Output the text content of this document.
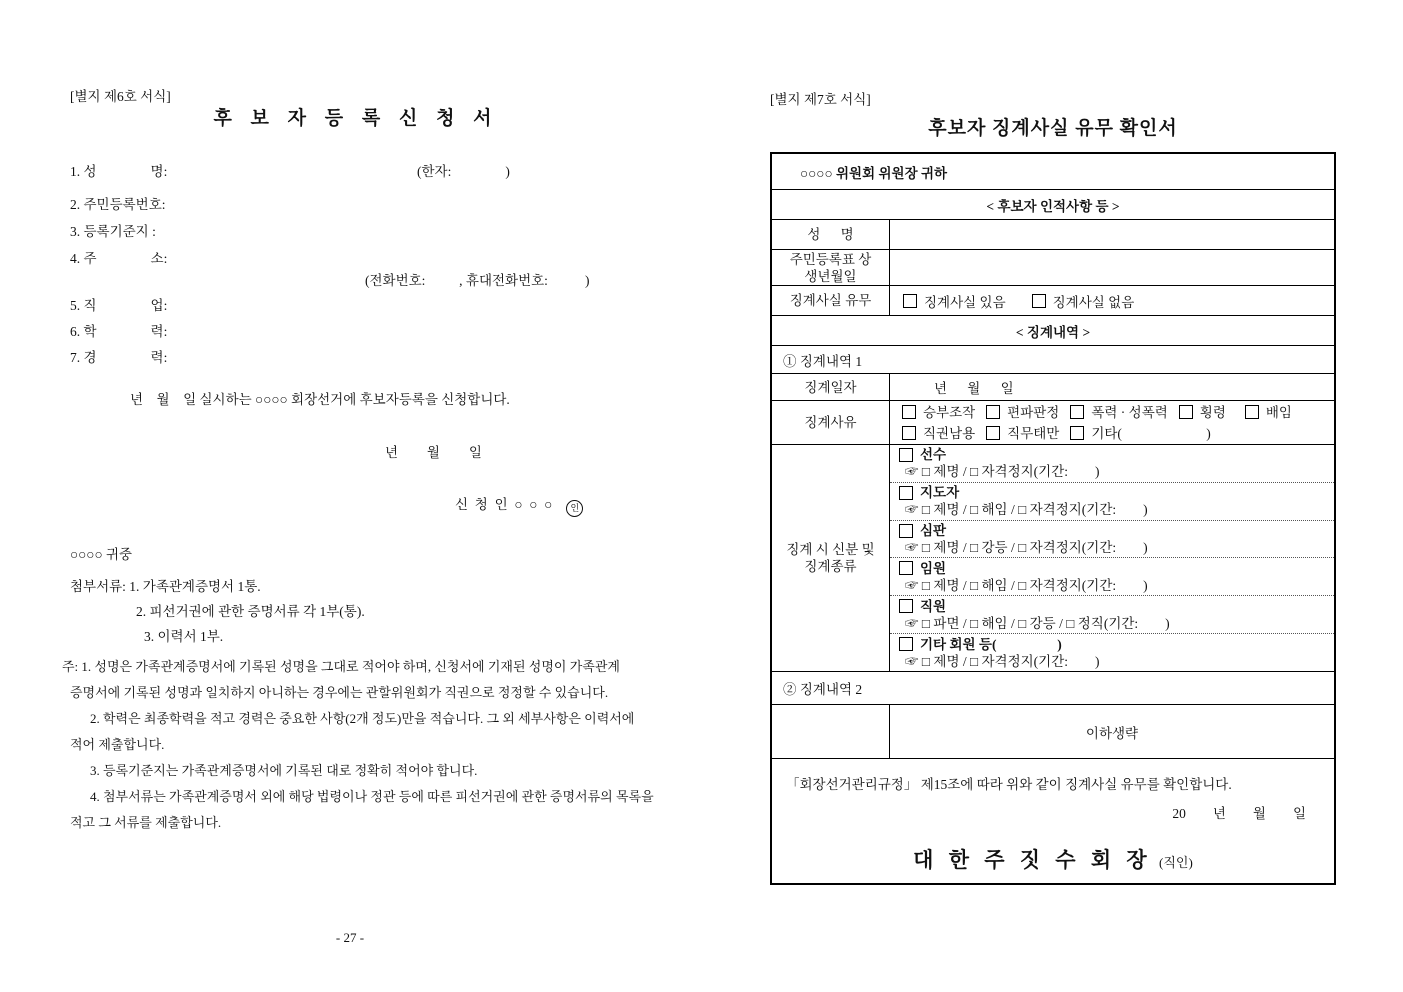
[별지 제6호 서식]
후 보 자 등 록 신 청 서
1. 성　　　　명:	(한자:                )
2. 주민등록번호:
3. 등록기준지 :
4. 주　　　　소:
(전화번호:          , 휴대전화번호:           )
5. 직　　　　업:
6. 학　　　　력:
7. 경　　　　력:
년    월    일 실시하는 ○○○○ 회장선거에 후보자등록을 신청합니다.
년     월     일
신  청  인  ○  ○  ○ 인
○○○○ 귀중
첨부서류: 1. 가족관계증명서 1통.
2. 피선거권에 관한 증명서류 각 1부(통).
3. 이력서 1부.
주: 1. 성명은 가족관계증명서에 기록된 성명을 그대로 적어야 하며, 신청서에 기재된 성명이 가족관계
증명서에 기록된 성명과 일치하지 아니하는 경우에는 관할위원회가 직권으로 정정할 수 있습니다.
2. 학력은 최종학력을 적고 경력은 중요한 사항(2개 정도)만을 적습니다. 그 외 세부사항은 이력서에
적어 제출합니다.
3. 등록기준지는 가족관계증명서에 기록된 대로 정확히 적어야 합니다.
4. 첨부서류는 가족관계증명서 외에 해당 법령이나 정관 등에 따른 피선거권에 관한 증명서류의 목록을
적고 그 서류를 제출합니다.
[별지 제7호 서식]
후보자 징계사실 유무 확인서
○○○○ 위원회 위원장 귀하
< 후보자 인적사항 등 >
성      명
주민등록표 상
생년월일
징계사실 유무	징계사실 있음	징계사실 없음
< 징계내역 >
① 징계내역 1
징계일자	년      월      일
징계사유
승부조작 편파판정 폭력 · 성폭력 횡령	배임
직권남용 직무태만 기타(                         )
징계 시 신분 및
징계종류
선수
☞ □ 제명 / □ 자격정지(기간:        )
지도자
☞ □ 제명 / □ 해임 / □ 자격정지(기간:        )
심판
☞ □ 제명 / □ 강등 / □ 자격정지(기간:        )
임원
☞ □ 제명 / □ 해임 / □ 자격정지(기간:        )
직원
☞ □ 파면 / □ 해임 / □ 강등 / □ 정직(기간:        )
기타 회원 등(                  )
☞ □ 제명 / □ 자격정지(기간:        )
② 징계내역 2
이하생략
「회장선거관리규정」 제15조에 따라 위와 같이 징계사실 유무를 확인합니다.
20        년        월        일
대 한 주 짓 수 회 장 (직인)
- 27 -
